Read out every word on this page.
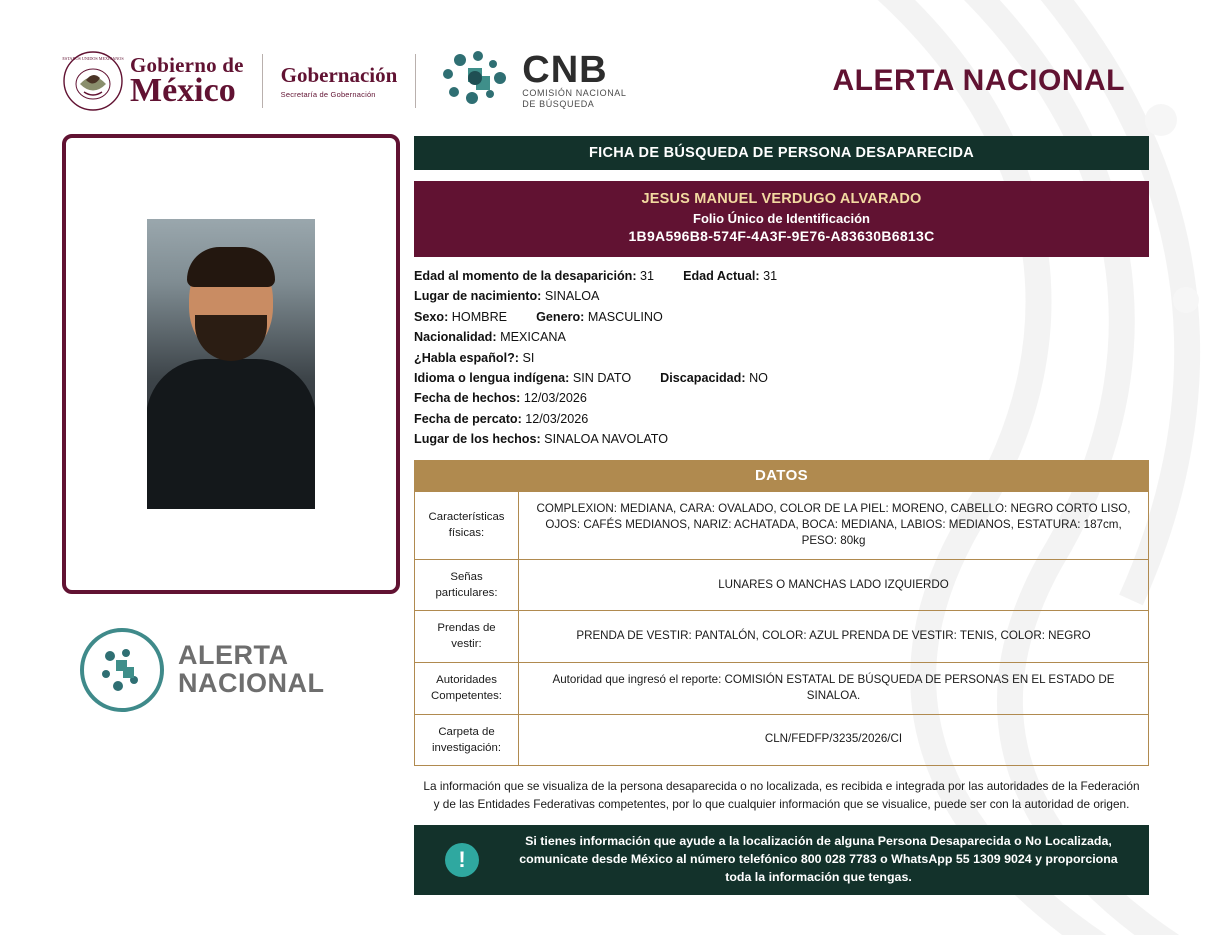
ESTADOS UNIDOS MEXICANOS Gobierno de
México	Gobernación
Secretaría de Gobernación
CNB
COMISIÓN NACIONAL
DE BÚSQUEDA
ALERTA NACIONAL
ALERTA
NACIONAL
FICHA DE BÚSQUEDA DE PERSONA DESAPARECIDA
JESUS MANUEL VERDUGO ALVARADO
Folio Único de Identificación
1B9A596B8-574F-4A3F-9E76-A83630B6813C
Edad al momento de la desaparición: 31 Edad Actual: 31
Lugar de nacimiento: SINALOA
Sexo: HOMBRE Genero: MASCULINO
Nacionalidad: MEXICANA
¿Habla español?: SI
Idioma o lengua indígena: SIN DATO Discapacidad: NO
Fecha de hechos: 12/03/2026
Fecha de percato: 12/03/2026
Lugar de los hechos: SINALOA NAVOLATO
DATOS
Características físicas:	COMPLEXION: MEDIANA, CARA: OVALADO, COLOR DE LA PIEL: MORENO, CABELLO: NEGRO CORTO LISO, OJOS: CAFÉS MEDIANOS, NARIZ: ACHATADA, BOCA: MEDIANA, LABIOS: MEDIANOS, ESTATURA: 187cm, PESO: 80kg
Señas particulares:	LUNARES O MANCHAS LADO IZQUIERDO
Prendas de vestir:	PRENDA DE VESTIR: PANTALÓN, COLOR: AZUL PRENDA DE VESTIR: TENIS, COLOR: NEGRO
Autoridades Competentes:	Autoridad que ingresó el reporte: COMISIÓN ESTATAL DE BÚSQUEDA DE PERSONAS EN EL ESTADO DE SINALOA.
Carpeta de investigación:	CLN/FEDFP/3235/2026/CI
La información que se visualiza de la persona desaparecida o no localizada, es recibida e integrada por las autoridades de la Federación y de las Entidades Federativas competentes, por lo que cualquier información que se visualice, puede ser con la autoridad de origen.
!
Si tienes información que ayude a la localización de alguna Persona Desaparecida o No Localizada, comunicate desde México al número telefónico 800 028 7783 o WhatsApp 55 1309 9024 y proporciona toda la información que tengas.
